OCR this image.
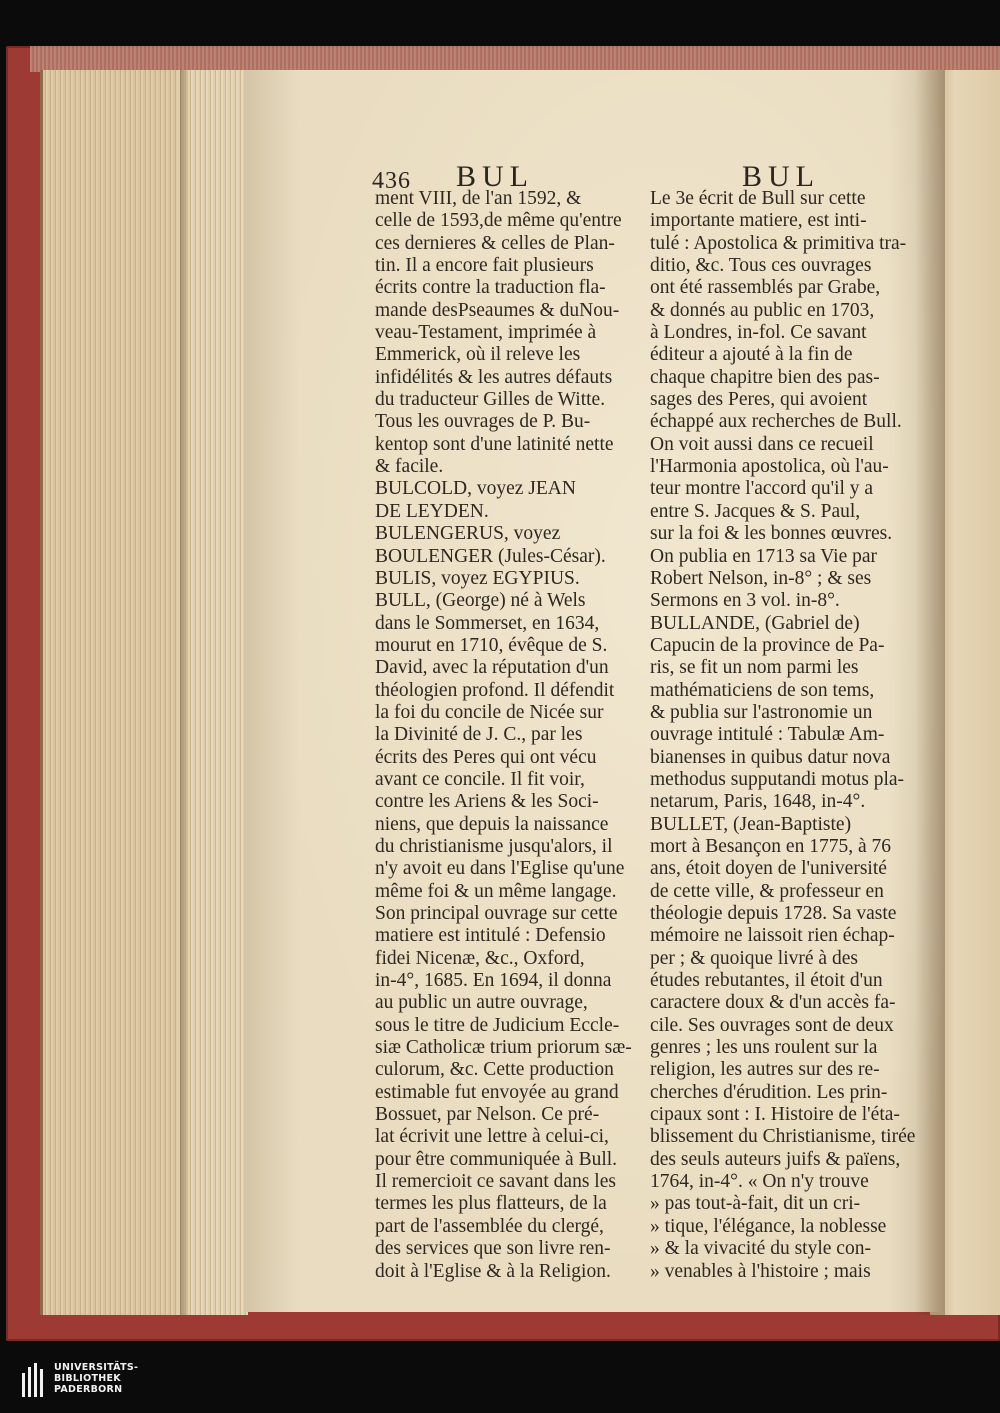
436 BUL	BUL
ment VIII, de l'an 1592, &
celle de 1593,de même qu'entre
ces dernieres & celles de Plan-
tin. Il a encore fait plusieurs
écrits contre la traduction fla-
mande desPseaumes & duNou-
veau-Testament, imprimée à
Emmerick, où il releve les
infidélités & les autres défauts
du traducteur Gilles de Witte.
Tous les ouvrages de P. Bu-
kentop sont d'une latinité nette
& facile.
BULCOLD, voyez JEAN
DE LEYDEN.
BULENGERUS, voyez
BOULENGER (Jules-César).
BULIS, voyez EGYPIUS.
BULL, (George) né à Wels
dans le Sommerset, en 1634,
mourut en 1710, évêque de S.
David, avec la réputation d'un
théologien profond. Il défendit
la foi du concile de Nicée sur
la Divinité de J. C., par les
écrits des Peres qui ont vécu
avant ce concile. Il fit voir,
contre les Ariens & les Soci-
niens, que depuis la naissance
du christianisme jusqu'alors, il
n'y avoit eu dans l'Eglise qu'une
même foi & un même langage.
Son principal ouvrage sur cette
matiere est intitulé : Defensio
fidei Nicenæ, &c., Oxford,
in-4°, 1685. En 1694, il donna
au public un autre ouvrage,
sous le titre de Judicium Eccle-
siæ Catholicæ trium priorum sæ-
culorum, &c. Cette production
estimable fut envoyée au grand
Bossuet, par Nelson. Ce pré-
lat écrivit une lettre à celui-ci,
pour être communiquée à Bull.
Il remercioit ce savant dans les
termes les plus flatteurs, de la
part de l'assemblée du clergé,
des services que son livre ren-
doit à l'Eglise & à la Religion.
Le 3e écrit de Bull sur cette
importante matiere, est inti-
tulé : Apostolica & primitiva tra-
ditio, &c. Tous ces ouvrages
ont été rassemblés par Grabe,
& donnés au public en 1703,
à Londres, in-fol. Ce savant
éditeur a ajouté à la fin de
chaque chapitre bien des pas-
sages des Peres, qui avoient
échappé aux recherches de Bull.
On voit aussi dans ce recueil
l'Harmonia apostolica, où l'au-
teur montre l'accord qu'il y a
entre S. Jacques & S. Paul,
sur la foi & les bonnes œuvres.
On publia en 1713 sa Vie par
Robert Nelson, in-8° ; & ses
Sermons en 3 vol. in-8°.
BULLANDE, (Gabriel de)
Capucin de la province de Pa-
ris, se fit un nom parmi les
mathématiciens de son tems,
& publia sur l'astronomie un
ouvrage intitulé : Tabulæ Am-
bianenses in quibus datur nova
methodus supputandi motus pla-
netarum, Paris, 1648, in-4°.
BULLET, (Jean-Baptiste)
mort à Besançon en 1775, à 76
ans, étoit doyen de l'université
de cette ville, & professeur en
théologie depuis 1728. Sa vaste
mémoire ne laissoit rien échap-
per ; & quoique livré à des
études rebutantes, il étoit d'un
caractere doux & d'un accès fa-
cile. Ses ouvrages sont de deux
genres ; les uns roulent sur la
religion, les autres sur des re-
cherches d'érudition. Les prin-
cipaux sont : I. Histoire de l'éta-
blissement du Christianisme, tirée
des seuls auteurs juifs & païens,
1764, in-4°. « On n'y trouve
» pas tout-à-fait, dit un cri-
» tique, l'élégance, la noblesse
» & la vivacité du style con-
» venables à l'histoire ; mais
UNIVERSITÄTS-
BIBLIOTHEK
PADERBORN
